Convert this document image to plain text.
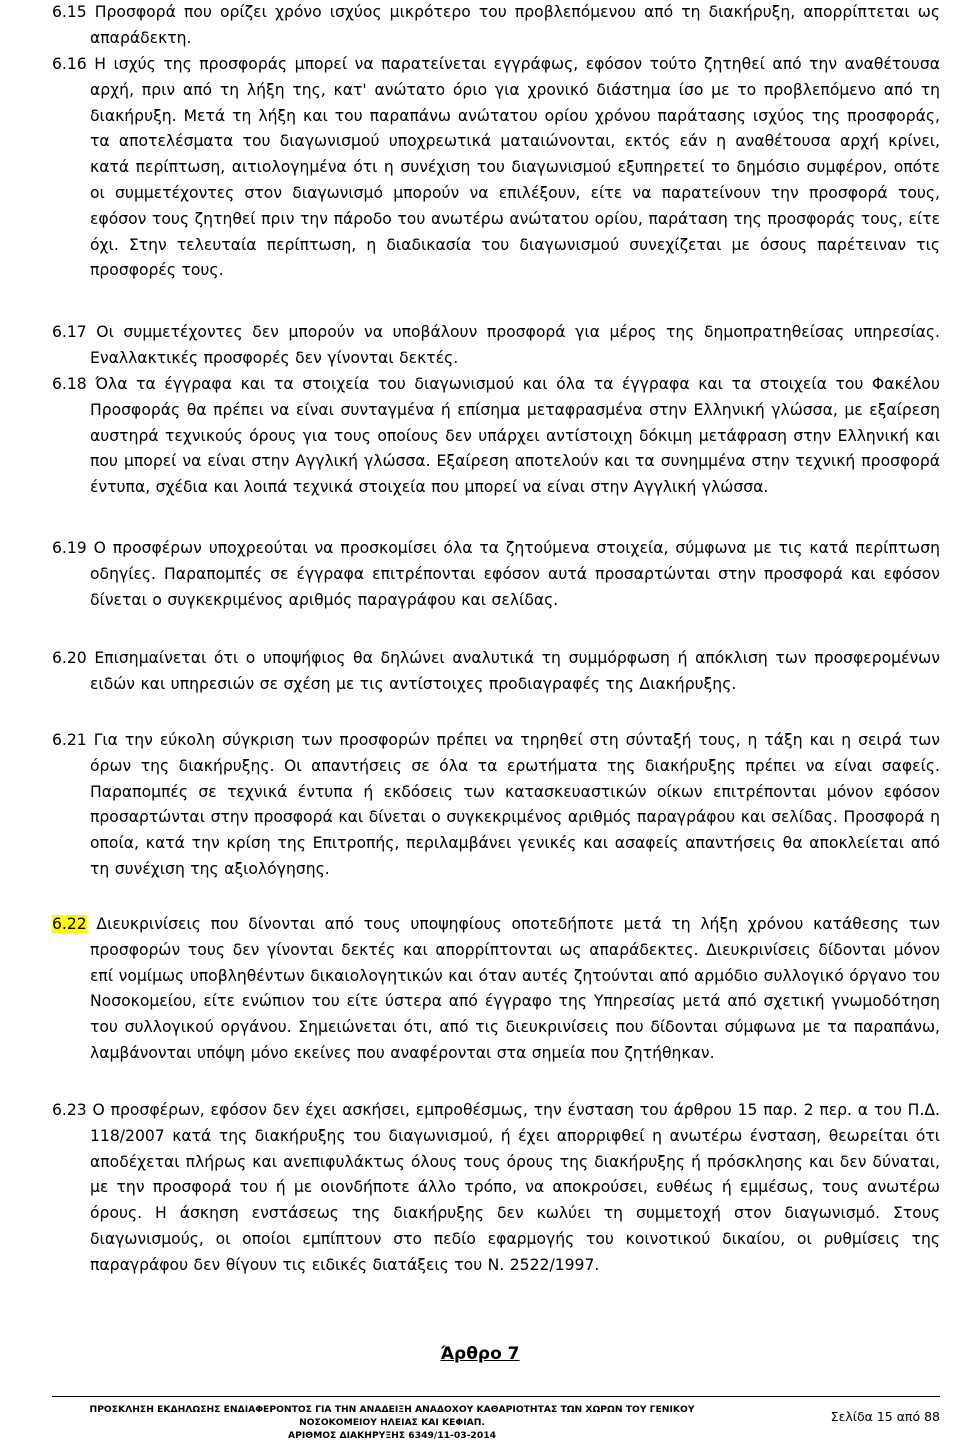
6.15 Προσφορά που ορίζει χρόνο ισχύος μικρότερο του προβλεπόμενου από τη διακήρυξη, απορρίπτεται ως απαράδεκτη.

6.16 Η ισχύς της προσφοράς μπορεί να παρατείνεται εγγράφως, εφόσον τούτο ζητηθεί από την αναθέτουσα αρχή, πριν από τη λήξη της, κατ' ανώτατο όριο για χρονικό διάστημα ίσο με το προβλεπόμενο από τη διακήρυξη. Μετά τη λήξη και του παραπάνω ανώτατου ορίου χρόνου παράτασης ισχύος της προσφοράς, τα αποτελέσματα του διαγωνισμού υποχρεωτικά ματαιώνονται, εκτός εάν η αναθέτουσα αρχή κρίνει, κατά περίπτωση, αιτιολογημένα ότι η συνέχιση του διαγωνισμού εξυπηρετεί το δημόσιο συμφέρον, οπότε οι συμμετέχοντες στον διαγωνισμό μπορούν να επιλέξουν, είτε να παρατείνουν την προσφορά τους, εφόσον τους ζητηθεί πριν την πάροδο του ανωτέρω ανώτατου ορίου, παράταση της προσφοράς τους, είτε όχι. Στην τελευταία περίπτωση, η διαδικασία του διαγωνισμού συνεχίζεται με όσους παρέτειναν τις προσφορές τους.

6.17 Οι συμμετέχοντες δεν μπορούν να υποβάλουν προσφορά για μέρος της δημοπρατηθείσας υπηρεσίας. Εναλλακτικές προσφορές δεν γίνονται δεκτές.

6.18 Όλα τα έγγραφα και τα στοιχεία του διαγωνισμού και όλα τα έγγραφα και τα στοιχεία του Φακέλου Προσφοράς θα πρέπει να είναι συνταγμένα ή επίσημα μεταφρασμένα στην Ελληνική γλώσσα, με εξαίρεση αυστηρά τεχνικούς όρους για τους οποίους δεν υπάρχει αντίστοιχη δόκιμη μετάφραση στην Ελληνική και που μπορεί να είναι στην Αγγλική γλώσσα. Εξαίρεση αποτελούν και τα συνημμένα στην τεχνική προσφορά έντυπα, σχέδια και λοιπά τεχνικά στοιχεία που μπορεί να είναι στην Αγγλική γλώσσα.

6.19 Ο προσφέρων υποχρεούται να προσκομίσει όλα τα ζητούμενα στοιχεία, σύμφωνα με τις κατά περίπτωση οδηγίες. Παραπομπές σε έγγραφα επιτρέπονται εφόσον αυτά προσαρτώνται στην προσφορά και εφόσον δίνεται ο συγκεκριμένος αριθμός παραγράφου και σελίδας.

6.20 Επισημαίνεται ότι ο υποψήφιος θα δηλώνει αναλυτικά τη συμμόρφωση ή απόκλιση των προσφερομένων ειδών και υπηρεσιών σε σχέση με τις αντίστοιχες προδιαγραφές της Διακήρυξης.

6.21 Για την εύκολη σύγκριση των προσφορών πρέπει να τηρηθεί στη σύνταξή τους, η τάξη και η σειρά των όρων της διακήρυξης. Οι απαντήσεις σε όλα τα ερωτήματα της διακήρυξης πρέπει να είναι σαφείς. Παραπομπές σε τεχνικά έντυπα ή εκδόσεις των κατασκευαστικών οίκων επιτρέπονται μόνον εφόσον προσαρτώνται στην προσφορά και δίνεται ο συγκεκριμένος αριθμός παραγράφου και σελίδας. Προσφορά η οποία, κατά την κρίση της Επιτροπής, περιλαμβάνει γενικές και ασαφείς απαντήσεις θα αποκλείεται από τη συνέχιση της αξιολόγησης.

6.22 Διευκρινίσεις που δίνονται από τους υποψηφίους οποτεδήποτε μετά τη λήξη χρόνου κατάθεσης των προσφορών τους δεν γίνονται δεκτές και απορρίπτονται ως απαράδεκτες. Διευκρινίσεις δίδονται μόνον επί νομίμως υποβληθέντων δικαιολογητικών και όταν αυτές ζητούνται από αρμόδιο συλλογικό όργανο του Νοσοκομείου, είτε ενώπιον του είτε ύστερα από έγγραφο της Υπηρεσίας μετά από σχετική γνωμοδότηση του συλλογικού οργάνου. Σημειώνεται ότι, από τις διευκρινίσεις που δίδονται σύμφωνα με τα παραπάνω, λαμβάνονται υπόψη μόνο εκείνες που αναφέρονται στα σημεία που ζητήθηκαν.

6.23 Ο προσφέρων, εφόσον δεν έχει ασκήσει, εμπροθέσμως, την ένσταση του άρθρου 15 παρ. 2 περ. α του Π.Δ. 118/2007 κατά της διακήρυξης του διαγωνισμού, ή έχει απορριφθεί η ανωτέρω ένσταση, θεωρείται ότι αποδέχεται πλήρως και ανεπιφυλάκτως όλους τους όρους της διακήρυξης ή πρόσκλησης και δεν δύναται, με την προσφορά του ή με οιονδήποτε άλλο τρόπο, να αποκρούσει, ευθέως ή εμμέσως, τους ανωτέρω όρους. Η άσκηση ενστάσεως της διακήρυξης δεν κωλύει τη συμμετοχή στον διαγωνισμό. Στους διαγωνισμούς, οι οποίοι εμπίπτουν στο πεδίο εφαρμογής του κοινοτικού δικαίου, οι ρυθμίσεις της παραγράφου δεν θίγουν τις ειδικές διατάξεις του Ν. 2522/1997.

Άρθρο 7
ΠΡΟΣΚΛΗΣΗ ΕΚΔΗΛΩΣΗΣ ΕΝΔΙΑΦΕΡΟΝΤΟΣ ΓΙΑ ΤΗΝ ΑΝΑΔΕΙΞΗ ΑΝΑΔΟΧΟΥ ΚΑΘΑΡΙΟΤΗΤΑΣ ΤΩΝ ΧΩΡΩΝ ΤΟΥ ΓΕΝΙΚΟΥ ΝΟΣΟΚΟΜΕΙΟΥ ΗΛΕΙΑΣ ΚΑΙ ΚΕΦΙΑΠ.
ΑΡΙΘΜΟΣ ΔΙΑΚΗΡΥΞΗΣ 6349/11-03-2014
Σελίδα 15 από 88
